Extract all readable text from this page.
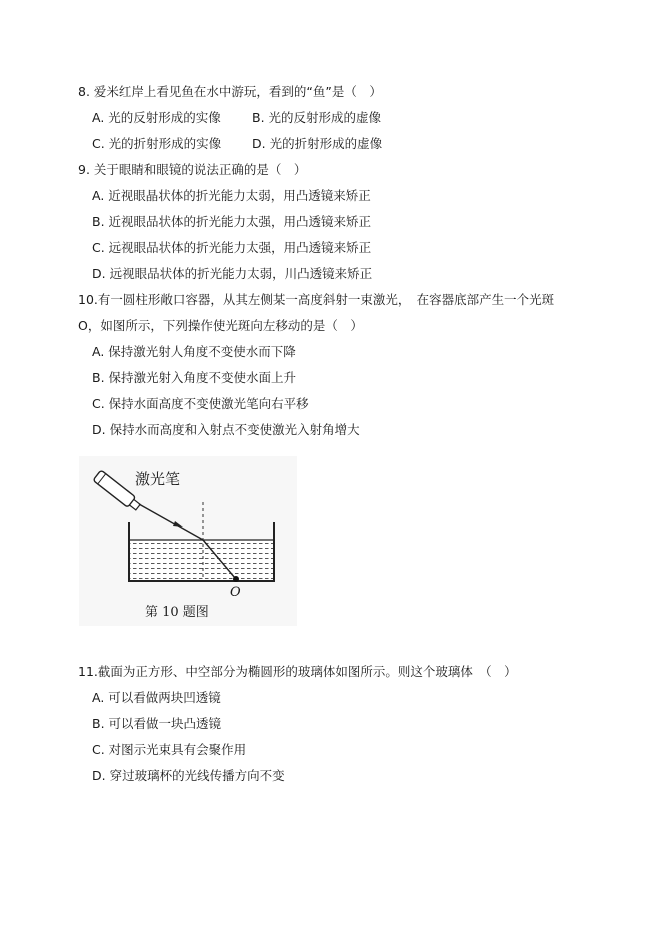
8. 爱米红岸上看见鱼在水中游玩，看到的“鱼”是（　）
A. 光的反射形成的实像 B. 光的反射形成的虚像
C. 光的折射形成的实像 D. 光的折射形成的虚像
9. 关于眼睛和眼镜的说法正确的是（　）
A. 近视眼晶状体的折光能力太弱，用凸透镜来矫正
B. 近视眼品状体的折光能力太强，用凸透镜来矫正
C. 远视眼品状体的折光能力太强，用凸透镜来矫正
D. 远视眼品状体的折光能力太弱，川凸透镜来矫正
10.有一圆柱形敞口容器，从其左侧某一高度斜射一束激光，　在容器底部产生一个光斑
O，如图所示，下列操作使光斑向左移动的是（　）
A. 保持激光射人角度不变使水而下降
B. 保持激光射入角度不变使水面上升
C. 保持水面高度不变使激光笔向右平移
D. 保持水而高度和入射点不变使激光入射角增大
激光笔
O
第 10 题图
11.截面为正方形、中空部分为椭圆形的玻璃体如图所示。则这个玻璃体　（　）
A. 可以看做两块凹透镜
B. 可以看做一块凸透镜
C. 对图示光束具有会聚作用
D. 穿过玻璃杯的光线传播方向不变
